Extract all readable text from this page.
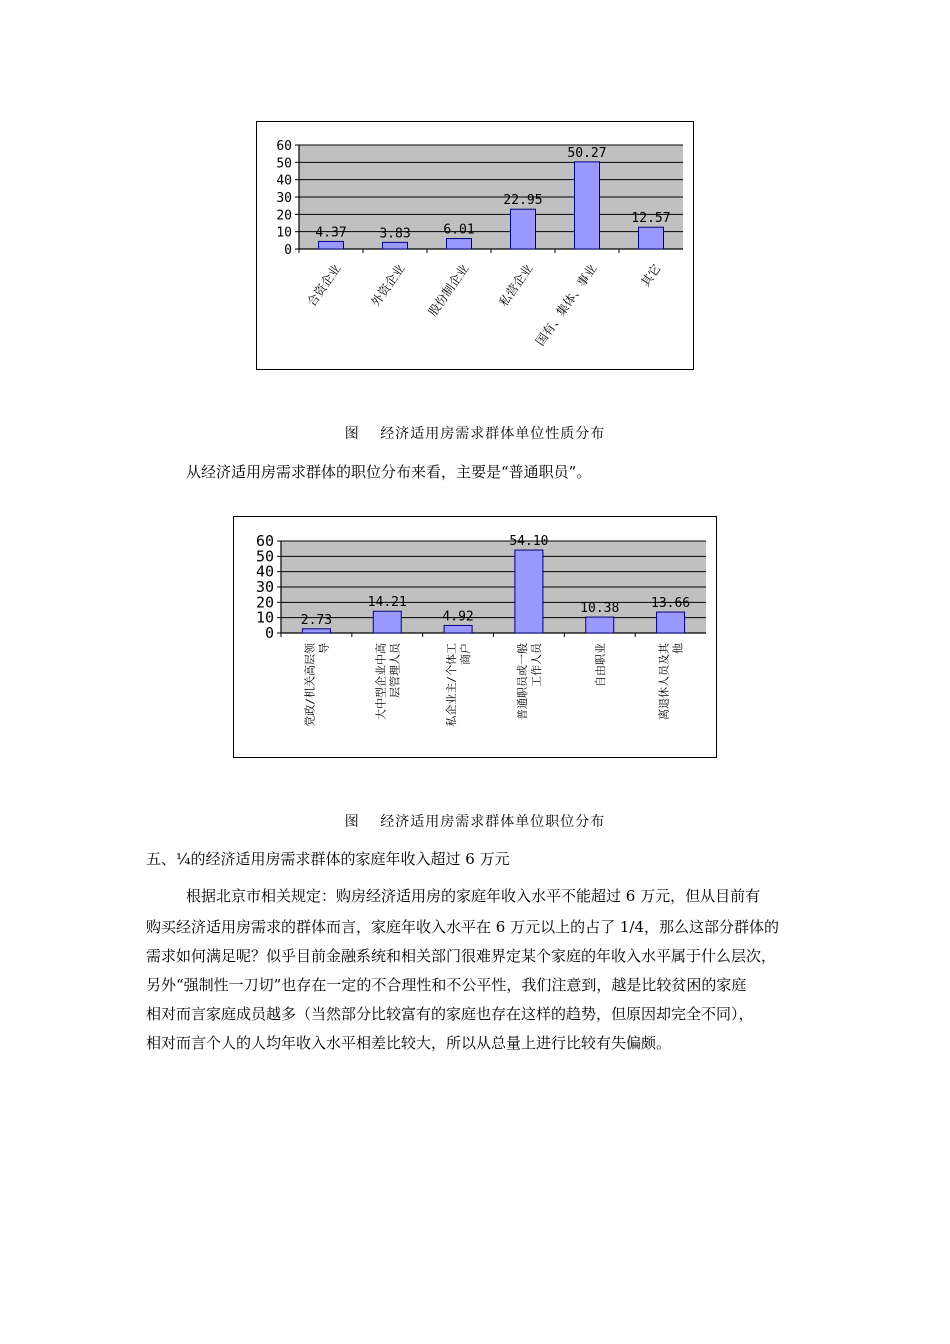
0
10
20
30
40
50
60
4.37
合资企业
3.83
外资企业
6.01
股份制企业
22.95
私营企业
50.27
国有、集体、事业
12.57
其它
图　 经济适用房需求群体单位性质分布
从经济适用房需求群体的职位分布来看，主要是“普通职员”。
0
10
20
30
40
50
60
2.73
党政/机关高层领 导
14.21
大中型企业中高 层管理人员
4.92
私企业主/个体工 商户
54.10
普通职员或一般 工作人员
10.38
自由职业
13.66
离退休人员及其 他
图　 经济适用房需求群体单位职位分布
五、¼的经济适用房需求群体的家庭年收入超过 6 万元
根据北京市相关规定：购房经济适用房的家庭年收入水平不能超过 6 万元，但从目前有
购买经济适用房需求的群体而言，家庭年收入水平在 6 万元以上的占了 1/4，那么这部分群体的
需求如何满足呢？似乎目前金融系统和相关部门很难界定某个家庭的年收入水平属于什么层次，
另外“强制性一刀切”也存在一定的不合理性和不公平性，我们注意到，越是比较贫困的家庭
相对而言家庭成员越多（当然部分比较富有的家庭也存在这样的趋势，但原因却完全不同），
相对而言个人的人均年收入水平相差比较大，所以从总量上进行比较有失偏颇。
